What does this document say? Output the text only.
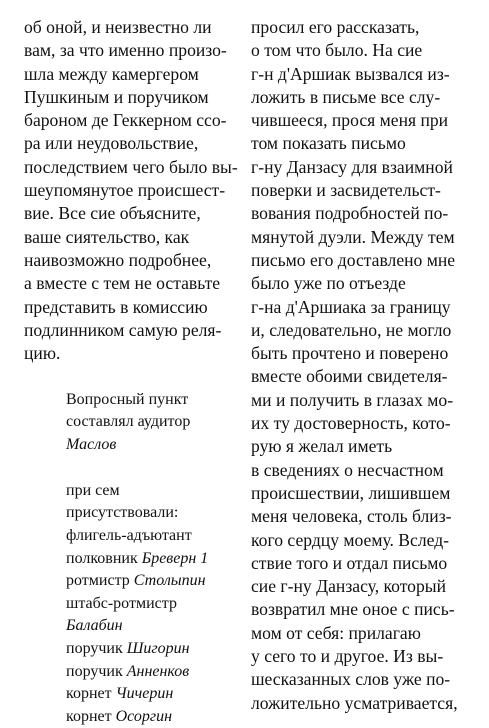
об оной, и неизвестно ли
вам, за что именно произо-
шла между камергером
Пушкиным и поручиком
бароном де Геккерном ссо-
ра или неудовольствие,
последствием чего было вы-
шеупомянутое происшест-
вие. Все сие объясните,
ваше сиятельство, как
наивозможно подробнее,
а вместе с тем не оставьте
представить в комиссию
подлинником самую реля-
цию.
Вопросный пункт
составлял аудитор
Маслов
при сем
присутствовали:
флигель-адъютант
полковник Бреверн 1
ротмистр Столыпин
штабс-ротмистр
Балабин
поручик Шигорин
поручик Анненков
корнет Чичерин
корнет Осоргин
просил его рассказать,
о том что было. На сие
г-н д'Аршиак вызвался из-
ложить в письме все слу-
чившееся, прося меня при
том показать письмо
г-ну Данзасу для взаимной
поверки и засвидетельст-
вования подробностей по-
мянутой дуэли. Между тем
письмо его доставлено мне
было уже по отъезде
г-на д'Аршиака за границу
и, следовательно, не могло
быть прочтено и поверено
вместе обоими свидетеля-
ми и получить в глазах мо-
их ту достоверность, кото-
рую я желал иметь
в сведениях о несчастном
происшествии, лишившем
меня человека, столь близ-
кого сердцу моему. Вслед-
ствие того и отдал письмо
сие г-ну Данзасу, который
возвратил мне оное с пись-
мом от себя: прилагаю
у сего то и другое. Из вы-
шесказанных слов уже по-
ложительно усматривается,
